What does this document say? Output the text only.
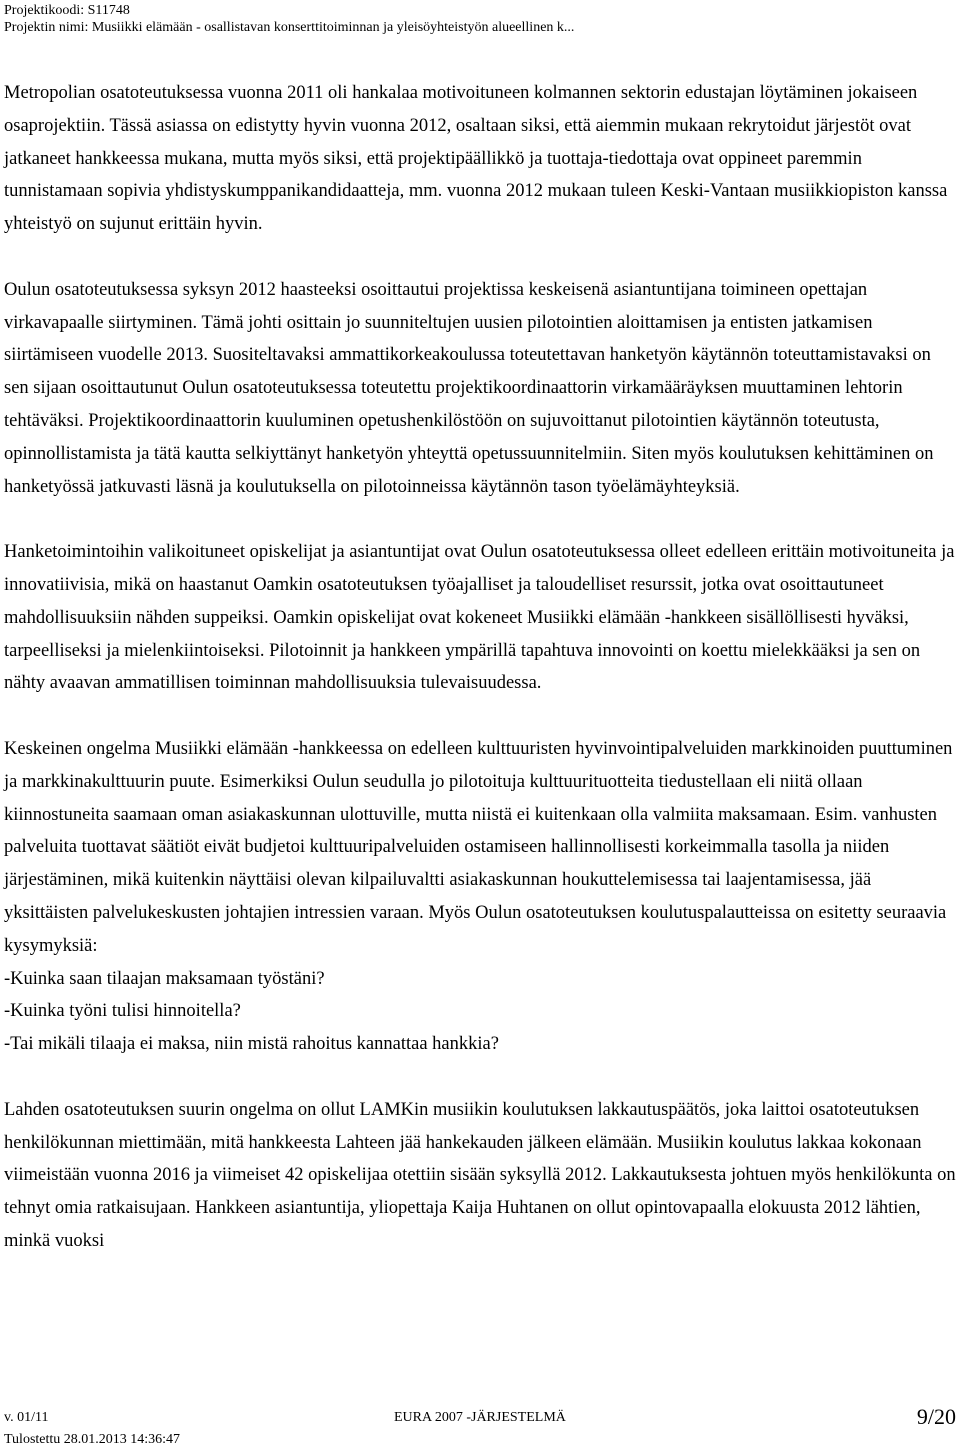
Projektikoodi: S11748
Projektin nimi: Musiikki elämään - osallistavan konserttitoiminnan ja yleisöyhteistyön alueellinen k...

Metropolian osatoteutuksessa vuonna 2011 oli hankalaa motivoituneen kolmannen sektorin edustajan löytäminen jokaiseen osaprojektiin. Tässä asiassa on edistytty hyvin vuonna 2012, osaltaan siksi, että aiemmin mukaan rekrytoidut järjestöt ovat jatkaneet hankkeessa mukana, mutta myös siksi, että projektipäällikkö ja tuottaja-tiedottaja ovat oppineet paremmin tunnistamaan sopivia yhdistyskumppanikandidaatteja, mm. vuonna 2012 mukaan tuleen Keski-Vantaan musiikkiopiston kanssa yhteistyö on sujunut erittäin hyvin.

Oulun osatoteutuksessa syksyn 2012 haasteeksi osoittautui projektissa keskeisenä asiantuntijana toimineen opettajan virkavapaalle siirtyminen. Tämä johti osittain jo suunniteltujen uusien pilotointien aloittamisen ja entisten jatkamisen siirtämiseen vuodelle 2013. Suositeltavaksi ammattikorkeakoulussa toteutettavan hanketyön käytännön toteuttamistavaksi on sen sijaan osoittautunut Oulun osatoteutuksessa toteutettu projektikoordinaattorin virkamääräyksen muuttaminen lehtorin tehtäväksi. Projektikoordinaattorin kuuluminen opetushenkilöstöön on sujuvoittanut pilotointien käytännön toteutusta, opinnollistamista ja tätä kautta selkiyttänyt hanketyön yhteyttä opetussuunnitelmiin. Siten myös koulutuksen kehittäminen on hanketyössä jatkuvasti läsnä ja koulutuksella on pilotoinneissa käytännön tason työelämäyhteyksiä.

Hanketoimintoihin valikoituneet opiskelijat ja asiantuntijat ovat Oulun osatoteutuksessa olleet edelleen erittäin motivoituneita ja innovatiivisia, mikä on haastanut Oamkin osatoteutuksen työajalliset ja taloudelliset resurssit, jotka ovat osoittautuneet mahdollisuuksiin nähden suppeiksi. Oamkin opiskelijat ovat kokeneet Musiikki elämään -hankkeen sisällöllisesti hyväksi, tarpeelliseksi ja mielenkiintoiseksi. Pilotoinnit ja hankkeen ympärillä tapahtuva innovointi on koettu mielekkääksi ja sen on nähty avaavan ammatillisen toiminnan mahdollisuuksia tulevaisuudessa.

Keskeinen ongelma Musiikki elämään -hankkeessa on edelleen kulttuuristen hyvinvointipalveluiden markkinoiden puuttuminen ja markkinakulttuurin puute. Esimerkiksi Oulun seudulla jo pilotoituja kulttuurituotteita tiedustellaan eli niitä ollaan kiinnostuneita saamaan oman asiakaskunnan ulottuville, mutta niistä ei kuitenkaan olla valmiita maksamaan. Esim. vanhusten palveluita tuottavat säätiöt eivät budjetoi kulttuuripalveluiden ostamiseen hallinnollisesti korkeimmalla tasolla ja niiden järjestäminen, mikä kuitenkin näyttäisi olevan kilpailuvaltti asiakaskunnan houkuttelemisessa tai laajentamisessa, jää yksittäisten palvelukeskusten johtajien intressien varaan. Myös Oulun osatoteutuksen koulutuspalautteissa on esitetty seuraavia kysymyksiä:

-Kuinka saan tilaajan maksamaan työstäni?
-Kuinka työni tulisi hinnoitella?
-Tai mikäli tilaaja ei maksa, niin mistä rahoitus kannattaa hankkia?

Lahden osatoteutuksen suurin ongelma on ollut LAMKin musiikin koulutuksen lakkautuspäätös, joka laittoi osatoteutuksen henkilökunnan miettimään, mitä hankkeesta Lahteen jää hankekauden jälkeen elämään. Musiikin koulutus lakkaa kokonaan viimeistään vuonna 2016 ja viimeiset 42 opiskelijaa otettiin sisään syksyllä 2012. Lakkautuksesta johtuen myös henkilökunta on tehnyt omia ratkaisujaan. Hankkeen asiantuntija, yliopettaja Kaija Huhtanen on ollut opintovapaalla elokuusta 2012 lähtien, minkä vuoksi

v. 01/11
Tulostettu 28.01.2013 14:36:47
EURA 2007 -JÄRJESTELMÄ	9/20
